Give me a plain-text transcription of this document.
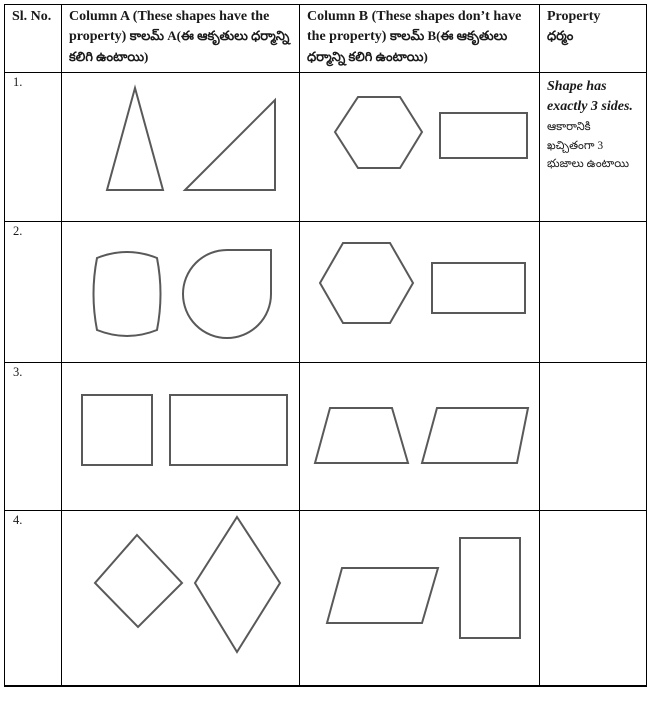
Sl. No.	Column A (These shapes have the property) కాలమ్ A(ఈ ఆకృతులు ధర్మాన్ని కలిగి ఉంటాయి)
Column B (These shapes don’t have the property) కాలమ్ B(ఈ ఆకృతులు ధర్మాన్ని కలిగి ఉంటాయి)
Property
ధర్మం
1.	Shape has exactly 3 sides.
ఆకారానికి ఖచ్చితంగా 3 భుజాలు ఉంటాయి
2.
3.
4.
